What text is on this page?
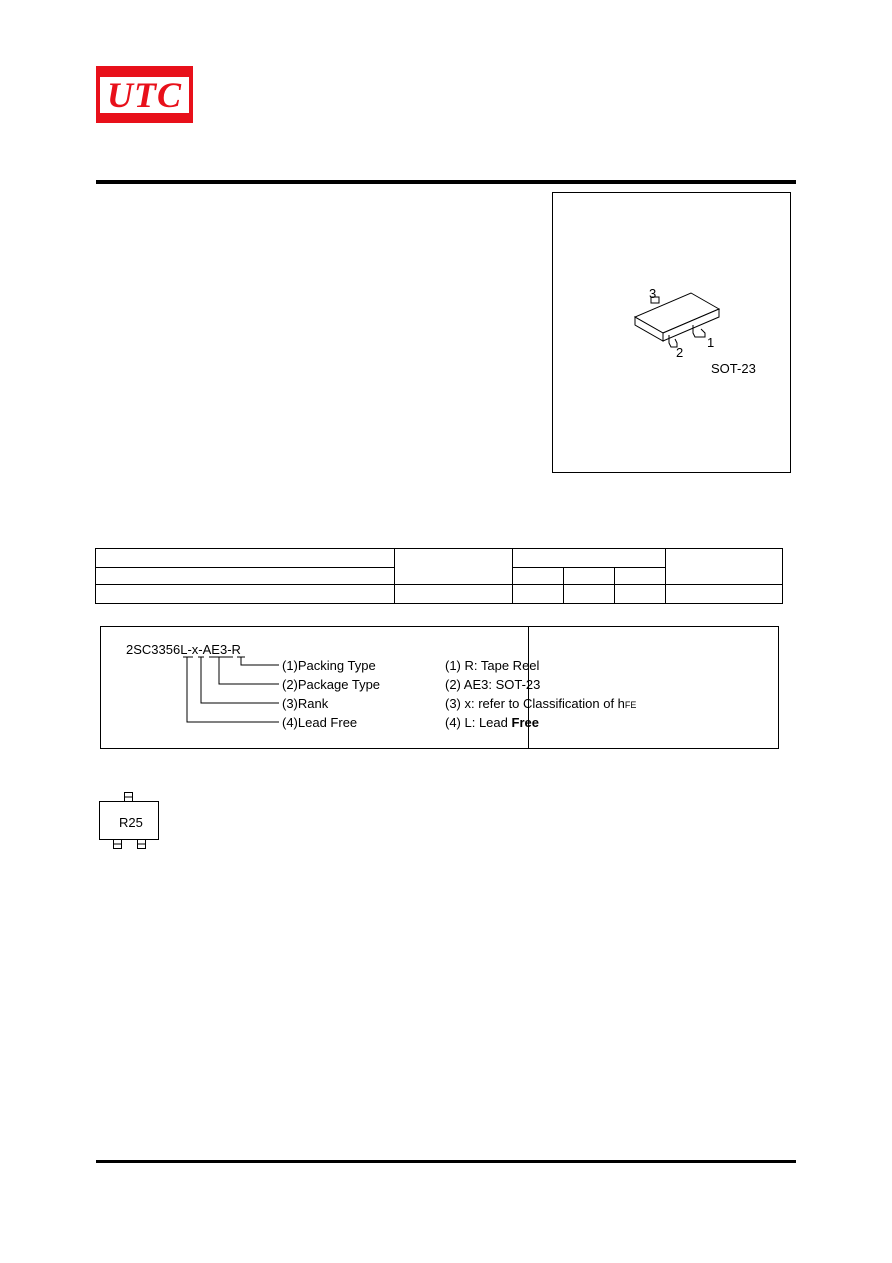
UTC
3
2
1
SOT-23

2SC3356L-x-AE3-R
(1)Packing Type
(2)Package Type
(3)Rank
(4)Lead Free
(1) R: Tape Reel
(2) AE3: SOT-23
(3) x: refer to Classification of hFE
(4) L: Lead Free
R25
